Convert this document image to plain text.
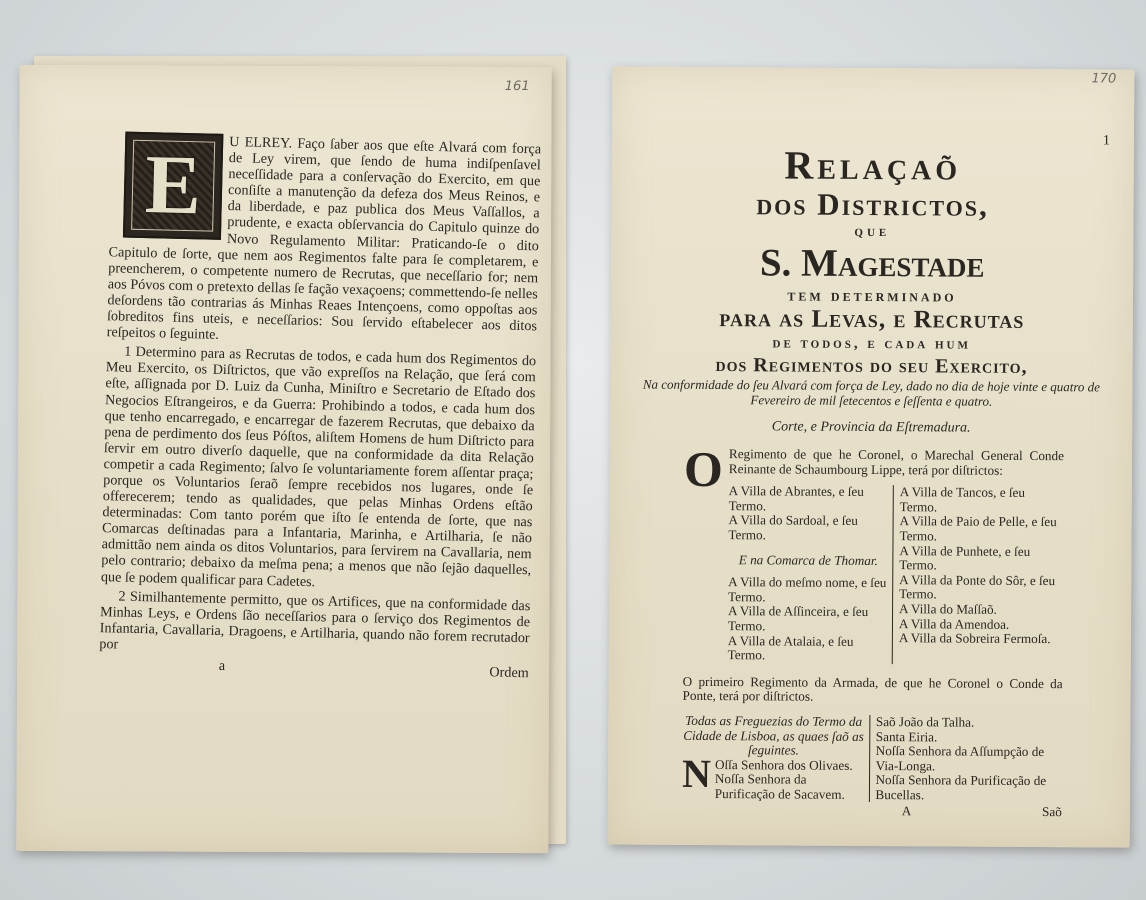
161
E	U ELREY. Faço ſaber aos que eſte Alvará com força de Ley virem, que ſendo de huma indiſpenſavel neceſſidade para a conſervação do Exercito, em que conſiſte a manutenção da defeza dos Meus Reinos, e da liberdade, e paz publica dos Meus Vaſſallos, a prudente, e exacta obſervancia do Capitulo quinze do Novo Regulamento Militar: Praticando-ſe o dito Capitulo de ſorte, que nem aos Regimentos falte para ſe completarem, e preencherem, o competente numero de Recrutas, que neceſſario for; nem aos Póvos com o pretexto dellas ſe fação vexaçoens; commettendo-ſe nelles deſordens tão contrarias ás Minhas Reaes Intençoens, como oppoſtas aos ſobreditos fins uteis, e neceſſarios: Sou ſervido eſtabelecer aos ditos reſpeitos o ſeguinte.

1 Determino para as Recrutas de todos, e cada hum dos Regimentos do Meu Exercito, os Diſtrictos, que vão expreſſos na Relação, que ſerá com eſte, aſſignada por D. Luiz da Cunha, Miniſtro e Secretario de Eſtado dos Negocios Eſtrangeiros, e da Guerra: Prohibindo a todos, e cada hum dos que tenho encarregado, e encarregar de fazerem Recrutas, que debaixo da pena de perdimento dos ſeus Póſtos, aliſtem Homens de hum Diſtricto para ſervir em outro diverſo daquelle, que na conformidade da dita Relação competir a cada Regimento; ſalvo ſe voluntariamente forem aſſentar praça; porque os Voluntarios ſeraõ ſempre recebidos nos lugares, onde ſe offerecerem; tendo as qualidades, que pelas Minhas Ordens eſtão determinadas: Com tanto porém que iſto ſe entenda de ſorte, que nas Comarcas deſtinadas para a Infantaria, Marinha, e Artilharia, ſe não admittão nem ainda os ditos Voluntarios, para ſervirem na Cavallaria, nem pelo contrario; debaixo da meſma pena; a menos que não ſejão daquelles, que ſe podem qualificar para Cadetes.

2 Similhantemente permitto, que os Artifices, que na conformidade das Minhas Leys, e Ordens ſão neceſſarios para o ſerviço dos Regimentos de Infantaria, Cavallaria, Dragoens, e Artilharia, quando não forem recrutador por

a	Ordem
170
1
Relaçaõ
dos Districtos,
que
S. Magestade
tem determinado
para as Levas, e Recrutas
de todos, e cada hum
dos Regimentos do seu Exercito,
Na conformidade do ſeu Alvará com força de Ley, dado no dia de hoje vinte e quatro de Fevereiro de mil ſetecentos e ſeſſenta e quatro.
Corte, e Provincia da Eſtremadura.
O Regimento de que he Coronel, o Marechal General Conde Reinante de Schaumbourg Lippe, terá por diſtrictos:
A Villa de Abrantes, e ſeu Termo.
A Villa do Sardoal, e ſeu Termo.
E na Comarca de Thomar.
A Villa do meſmo nome, e ſeu Termo.
A Villa de Aſſinceira, e ſeu Termo.
A Villa de Atalaia, e ſeu Termo.
A Villa de Tancos, e ſeu Termo.
A Villa de Paio de Pelle, e ſeu Termo.
A Villa de Punhete, e ſeu Termo.
A Villa da Ponte do Sôr, e ſeu Termo.
A Villa do Maſſaõ.
A Villa da Amendoa.
A Villa da Sobreira Fermoſa.
O primeiro Regimento da Armada, de que he Coronel o Conde da Ponte, terá por diſtrictos.
Todas as Freguezias do Termo da Cidade de Lisboa, as quaes ſaõ as ſeguintes.
N Oſſa Senhora dos Olivaes.
Noſſa Senhora da Purificação de Sacavem.
Saõ João da Talha.
Santa Eiria.
Noſſa Senhora da Aſſumpção de Via-Longa.
Noſſa Senhora da Purificação de Bucellas.
A	Saõ
